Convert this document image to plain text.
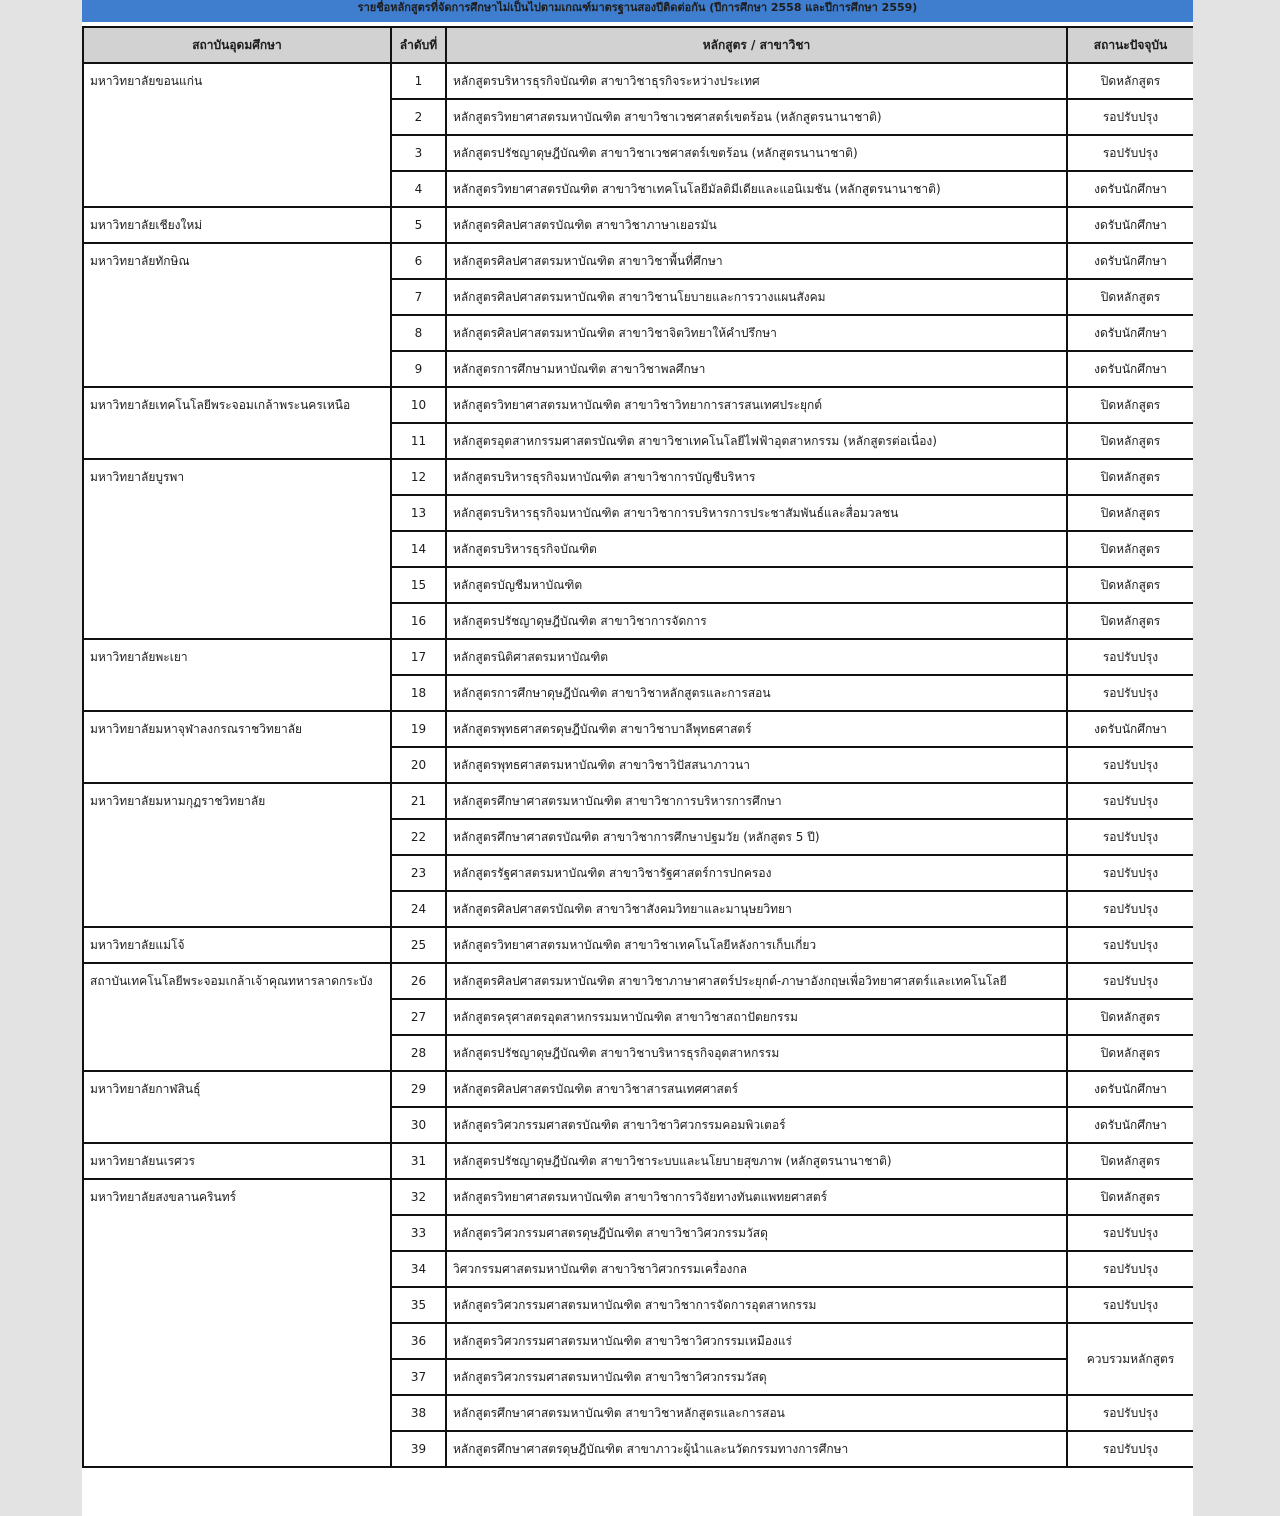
รายชื่อหลักสูตรที่จัดการศึกษาไม่เป็นไปตามเกณฑ์มาตรฐานสองปีติดต่อกัน (ปีการศึกษา 2558 และปีการศึกษา 2559)
สถาบันอุดมศึกษา	ลำดับที่	หลักสูตร / สาขาวิชา	สถานะปัจจุบัน
มหาวิทยาลัยขอนแก่น	1	หลักสูตรบริหารธุรกิจบัณฑิต สาขาวิชาธุรกิจระหว่างประเทศ	ปิดหลักสูตร
	2	หลักสูตรวิทยาศาสตรมหาบัณฑิต สาขาวิชาเวชศาสตร์เขตร้อน (หลักสูตรนานาชาติ)	รอปรับปรุง
	3	หลักสูตรปรัชญาดุษฎีบัณฑิต สาขาวิชาเวชศาสตร์เขตร้อน (หลักสูตรนานาชาติ)	รอปรับปรุง
	4	หลักสูตรวิทยาศาสตรบัณฑิต สาขาวิชาเทคโนโลยีมัลติมีเดียและแอนิเมชัน (หลักสูตรนานาชาติ)	งดรับนักศึกษา
มหาวิทยาลัยเชียงใหม่	5	หลักสูตรศิลปศาสตรบัณฑิต สาขาวิชาภาษาเยอรมัน	งดรับนักศึกษา
มหาวิทยาลัยทักษิณ	6	หลักสูตรศิลปศาสตรมหาบัณฑิต สาขาวิชาพื้นที่ศึกษา	งดรับนักศึกษา
	7	หลักสูตรศิลปศาสตรมหาบัณฑิต สาขาวิชานโยบายและการวางแผนสังคม	ปิดหลักสูตร
	8	หลักสูตรศิลปศาสตรมหาบัณฑิต สาขาวิชาจิตวิทยาให้คำปรึกษา	งดรับนักศึกษา
	9	หลักสูตรการศึกษามหาบัณฑิต สาขาวิชาพลศึกษา	งดรับนักศึกษา
มหาวิทยาลัยเทคโนโลยีพระจอมเกล้าพระนครเหนือ	10	หลักสูตรวิทยาศาสตรมหาบัณฑิต สาขาวิชาวิทยาการสารสนเทศประยุกต์	ปิดหลักสูตร
	11	หลักสูตรอุตสาหกรรมศาสตรบัณฑิต สาขาวิชาเทคโนโลยีไฟฟ้าอุตสาหกรรม (หลักสูตรต่อเนื่อง)	ปิดหลักสูตร
มหาวิทยาลัยบูรพา	12	หลักสูตรบริหารธุรกิจมหาบัณฑิต สาขาวิชาการบัญชีบริหาร	ปิดหลักสูตร
	13	หลักสูตรบริหารธุรกิจมหาบัณฑิต สาขาวิชาการบริหารการประชาสัมพันธ์และสื่อมวลชน	ปิดหลักสูตร
	14	หลักสูตรบริหารธุรกิจบัณฑิต	ปิดหลักสูตร
	15	หลักสูตรบัญชีมหาบัณฑิต	ปิดหลักสูตร
	16	หลักสูตรปรัชญาดุษฎีบัณฑิต สาขาวิชาการจัดการ	ปิดหลักสูตร
มหาวิทยาลัยพะเยา	17	หลักสูตรนิติศาสตรมหาบัณฑิต	รอปรับปรุง
	18	หลักสูตรการศึกษาดุษฎีบัณฑิต สาขาวิชาหลักสูตรและการสอน	รอปรับปรุง
มหาวิทยาลัยมหาจุฬาลงกรณราชวิทยาลัย	19	หลักสูตรพุทธศาสตรดุษฎีบัณฑิต สาขาวิชาบาลีพุทธศาสตร์	งดรับนักศึกษา
	20	หลักสูตรพุทธศาสตรมหาบัณฑิต สาขาวิชาวิปัสสนาภาวนา	รอปรับปรุง
มหาวิทยาลัยมหามกุฏราชวิทยาลัย	21	หลักสูตรศึกษาศาสตรมหาบัณฑิต สาขาวิชาการบริหารการศึกษา	รอปรับปรุง
	22	หลักสูตรศึกษาศาสตรบัณฑิต สาขาวิชาการศึกษาปฐมวัย (หลักสูตร 5 ปี)	รอปรับปรุง
	23	หลักสูตรรัฐศาสตรมหาบัณฑิต สาขาวิชารัฐศาสตร์การปกครอง	รอปรับปรุง
	24	หลักสูตรศิลปศาสตรบัณฑิต สาขาวิชาสังคมวิทยาและมานุษยวิทยา	รอปรับปรุง
มหาวิทยาลัยแม่โจ้	25	หลักสูตรวิทยาศาสตรมหาบัณฑิต สาขาวิชาเทคโนโลยีหลังการเก็บเกี่ยว	รอปรับปรุง
สถาบันเทคโนโลยีพระจอมเกล้าเจ้าคุณทหารลาดกระบัง	26	หลักสูตรศิลปศาสตรมหาบัณฑิต สาขาวิชาภาษาศาสตร์ประยุกต์-ภาษาอังกฤษเพื่อวิทยาศาสตร์และเทคโนโลยี	รอปรับปรุง
	27	หลักสูตรครุศาสตรอุตสาหกรรมมหาบัณฑิต สาขาวิชาสถาปัตยกรรม	ปิดหลักสูตร
	28	หลักสูตรปรัชญาดุษฎีบัณฑิต สาขาวิชาบริหารธุรกิจอุตสาหกรรม	ปิดหลักสูตร
มหาวิทยาลัยกาฬสินธุ์	29	หลักสูตรศิลปศาสตรบัณฑิต สาขาวิชาสารสนเทศศาสตร์	งดรับนักศึกษา
	30	หลักสูตรวิศวกรรมศาสตรบัณฑิต สาขาวิชาวิศวกรรมคอมพิวเตอร์	งดรับนักศึกษา
มหาวิทยาลัยนเรศวร	31	หลักสูตรปรัชญาดุษฎีบัณฑิต สาขาวิชาระบบและนโยบายสุขภาพ (หลักสูตรนานาชาติ)	ปิดหลักสูตร
มหาวิทยาลัยสงขลานครินทร์	32	หลักสูตรวิทยาศาสตรมหาบัณฑิต สาขาวิชาการวิจัยทางทันตแพทยศาสตร์	ปิดหลักสูตร
	33	หลักสูตรวิศวกรรมศาสตรดุษฎีบัณฑิต สาขาวิชาวิศวกรรมวัสดุ	รอปรับปรุง
	34	วิศวกรรมศาสตรมหาบัณฑิต สาขาวิชาวิศวกรรมเครื่องกล	รอปรับปรุง
	35	หลักสูตรวิศวกรรมศาสตรมหาบัณฑิต สาขาวิชาการจัดการอุตสาหกรรม	รอปรับปรุง
	36	หลักสูตรวิศวกรรมศาสตรมหาบัณฑิต สาขาวิชาวิศวกรรมเหมืองแร่	ควบรวมหลักสูตร
	37	หลักสูตรวิศวกรรมศาสตรมหาบัณฑิต สาขาวิชาวิศวกรรมวัสดุ	
	38	หลักสูตรศึกษาศาสตรมหาบัณฑิต สาขาวิชาหลักสูตรและการสอน	รอปรับปรุง
	39	หลักสูตรศึกษาศาสตรดุษฎีบัณฑิต สาขาภาวะผู้นำและนวัตกรรมทางการศึกษา	รอปรับปรุง
